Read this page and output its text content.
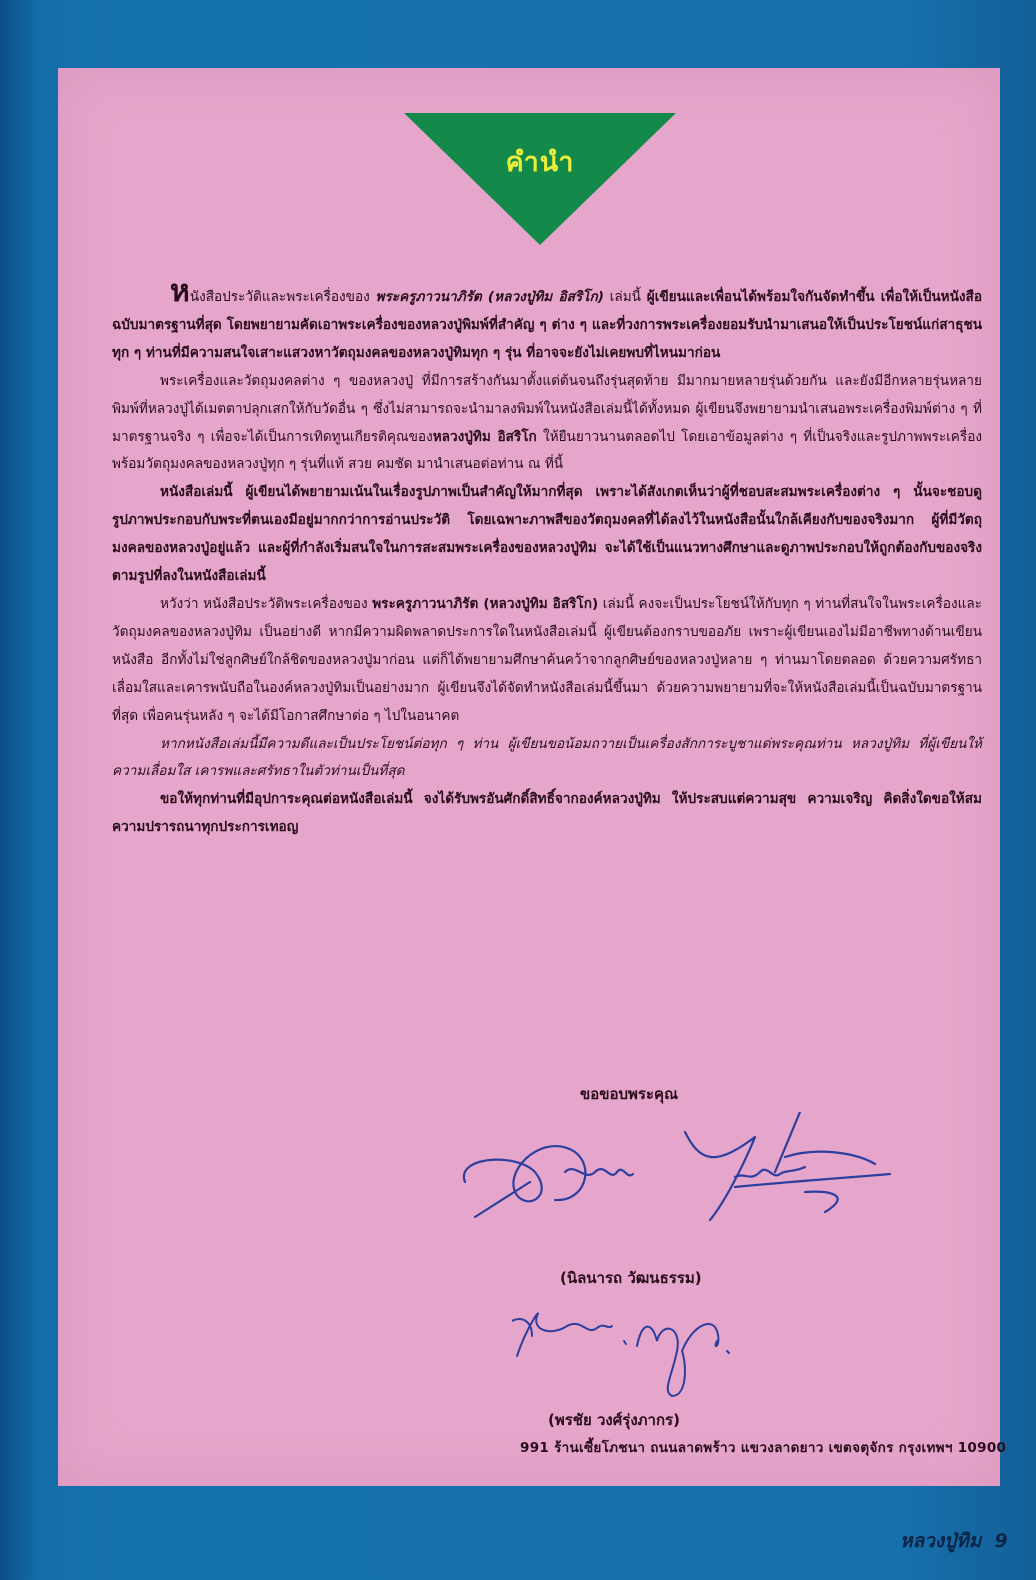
คำนำ

หนังสือประวัติและพระเครื่องของ พระครูภาวนาภิรัต (หลวงปู่ทิม อิสริโก) เล่มนี้ ผู้เขียนและเพื่อนได้พร้อมใจกันจัดทำขึ้น เพื่อให้เป็นหนังสือฉบับมาตรฐานที่สุด โดยพยายามคัดเอาพระเครื่องของหลวงปู่พิมพ์ที่สำคัญ ๆ ต่าง ๆ และที่วงการพระเครื่องยอมรับนำมาเสนอให้เป็นประโยชน์แก่สาธุชนทุก ๆ ท่านที่มีความสนใจเสาะแสวงหาวัตถุมงคลของหลวงปู่ทิมทุก ๆ รุ่น ที่อาจจะยังไม่เคยพบที่ไหนมาก่อน

พระเครื่องและวัตถุมงคลต่าง ๆ ของหลวงปู่ ที่มีการสร้างกันมาตั้งแต่ต้นจนถึงรุ่นสุดท้าย มีมากมายหลายรุ่นด้วยกัน และยังมีอีกหลายรุ่นหลายพิมพ์ที่หลวงปู่ได้เมตตาปลุกเสกให้กับวัดอื่น ๆ ซึ่งไม่สามารถจะนำมาลงพิมพ์ในหนังสือเล่มนี้ได้ทั้งหมด ผู้เขียนจึงพยายามนำเสนอพระเครื่องพิมพ์ต่าง ๆ ที่มาตรฐานจริง ๆ เพื่อจะได้เป็นการเทิดทูนเกียรติคุณของหลวงปู่ทิม อิสริโก ให้ยืนยาวนานตลอดไป โดยเอาข้อมูลต่าง ๆ ที่เป็นจริงและรูปภาพพระเครื่อง พร้อมวัตถุมงคลของหลวงปู่ทุก ๆ รุ่นที่แท้ สวย คมชัด มานำเสนอต่อท่าน ณ ที่นี้

หนังสือเล่มนี้ ผู้เขียนได้พยายามเน้นในเรื่องรูปภาพเป็นสำคัญให้มากที่สุด เพราะได้สังเกตเห็นว่าผู้ที่ชอบสะสมพระเครื่องต่าง ๆ นั้นจะชอบดูรูปภาพประกอบกับพระที่ตนเองมีอยู่มากกว่าการอ่านประวัติ โดยเฉพาะภาพสีของวัตถุมงคลที่ได้ลงไว้ในหนังสือนั้นใกล้เคียงกับของจริงมาก ผู้ที่มีวัตถุมงคลของหลวงปู่อยู่แล้ว และผู้ที่กำลังเริ่มสนใจในการสะสมพระเครื่องของหลวงปู่ทิม จะได้ใช้เป็นแนวทางศึกษาและดูภาพประกอบให้ถูกต้องกับของจริงตามรูปที่ลงในหนังสือเล่มนี้

หวังว่า หนังสือประวัติพระเครื่องของ พระครูภาวนาภิรัต (หลวงปู่ทิม อิสริโก) เล่มนี้ คงจะเป็นประโยชน์ให้กับทุก ๆ ท่านที่สนใจในพระเครื่องและวัตถุมงคลของหลวงปู่ทิม เป็นอย่างดี หากมีความผิดพลาดประการใดในหนังสือเล่มนี้ ผู้เขียนต้องกราบขออภัย เพราะผู้เขียนเองไม่มีอาชีพทางด้านเขียนหนังสือ อีกทั้งไม่ใช่ลูกศิษย์ใกล้ชิดของหลวงปู่มาก่อน แต่ก็ได้พยายามศึกษาค้นคว้าจากลูกศิษย์ของหลวงปู่หลาย ๆ ท่านมาโดยตลอด ด้วยความศรัทธาเลื่อมใสและเคารพนับถือในองค์หลวงปู่ทิมเป็นอย่างมาก ผู้เขียนจึงได้จัดทำหนังสือเล่มนี้ขึ้นมา ด้วยความพยายามที่จะให้หนังสือเล่มนี้เป็นฉบับมาตรฐานที่สุด เพื่อคนรุ่นหลัง ๆ จะได้มีโอกาสศึกษาต่อ ๆ ไปในอนาคต

หากหนังสือเล่มนี้มีความดีและเป็นประโยชน์ต่อทุก ๆ ท่าน ผู้เขียนขอน้อมถวายเป็นเครื่องสักการะบูชาแด่พระคุณท่าน หลวงปู่ทิม ที่ผู้เขียนให้ความเลื่อมใส เคารพและศรัทธาในตัวท่านเป็นที่สุด

ขอให้ทุกท่านที่มีอุปการะคุณต่อหนังสือเล่มนี้ จงได้รับพรอันศักดิ์สิทธิ์จากองค์หลวงปู่ทิม ให้ประสบแต่ความสุข ความเจริญ คิดสิ่งใดขอให้สมความปรารถนาทุกประการเทอญ

ขอขอบพระคุณ
(นิลนารถ วัฒนธรรม)
(พรชัย วงศ์รุ่งภากร)
991 ร้านเซี้ยโภชนา ถนนลาดพร้าว แขวงลาดยาว เขตจตุจักร กรุงเทพฯ 10900
หลวงปู่ทิม 9
